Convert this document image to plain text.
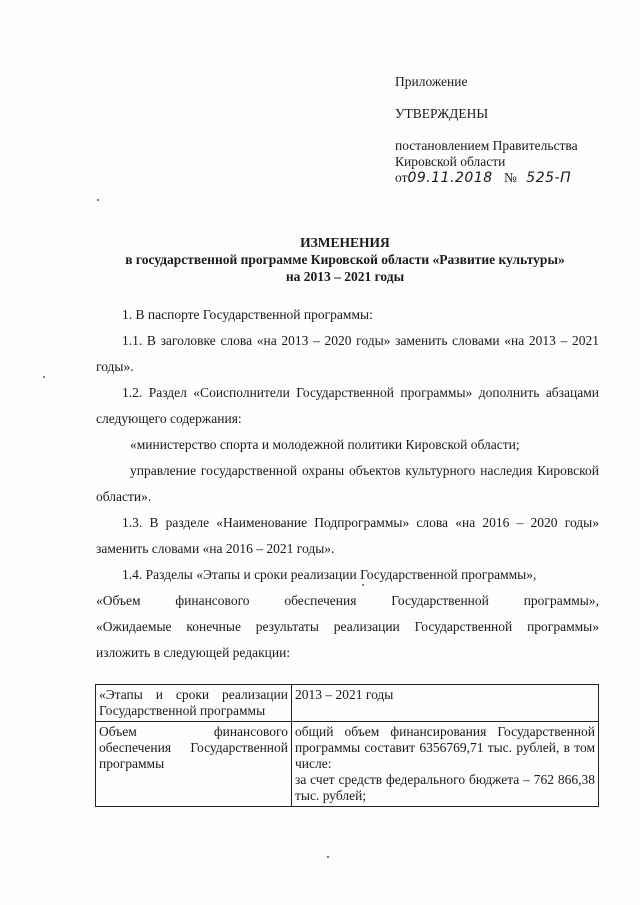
Приложение
УТВЕРЖДЕНЫ
постановлением Правительства
Кировской области
от09.11.2018 № 525-П
ИЗМЕНЕНИЯ
в государственной программе Кировской области «Развитие культуры»
на 2013 – 2021 годы

1. В паспорте Государственной программы:

1.1. В заголовке слова «на 2013 – 2020 годы» заменить словами «на 2013 – 2021 годы».

1.2. Раздел «Соисполнители Государственной программы» дополнить абзацами следующего содержания:

«министерство спорта и молодежной политики Кировской области;

управление государственной охраны объектов культурного наследия Кировской области».

1.3. В разделе «Наименование Подпрограммы» слова «на 2016 – 2020 годы» заменить словами «на 2016 – 2021 годы».

1.4. Разделы «Этапы и сроки реализации Государственной программы»,

«Объем финансового обеспечения Государственной программы»,

«Ожидаемые конечные результаты реализации Государственной программы»

изложить в следующей редакции:

«Этапы и сроки реализации Государственной программы	2013 – 2021 годы

Объем финансового обеспечения Государственной программы	общий объем финансирования Государственной программы составит 6356769,71 тыс. рублей, в том числе:
за счет средств федерального бюджета – 762 866,38 тыс. рублей;
